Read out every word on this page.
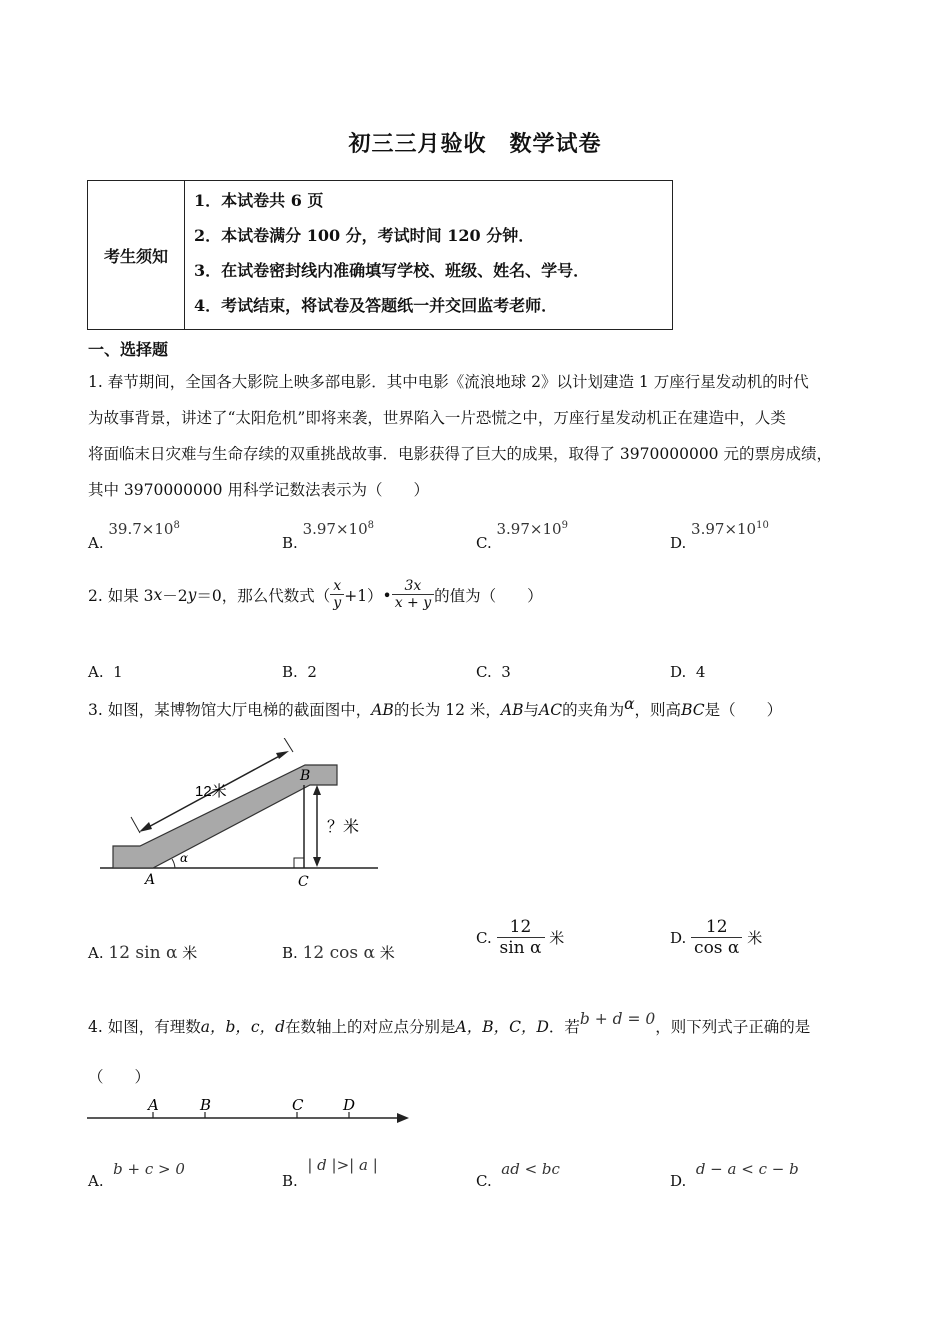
初三三月验收　数学试卷
考生须知
1．本试卷共 6 页
2．本试卷满分 100 分，考试时间 120 分钟．
3．在试卷密封线内准确填写学校、班级、姓名、学号．
4．考试结束，将试卷及答题纸一并交回监考老师．
一、选择题
1. 春节期间，全国各大影院上映多部电影．其中电影《流浪地球 2》以计划建造 1 万座行星发动机的时代
为故事背景，讲述了“太阳危机”即将来袭，世界陷入一片恐慌之中，万座行星发动机正在建造中，人类
将面临末日灾难与生命存续的双重挑战故事．电影获得了巨大的成果，取得了 3970000000 元的票房成绩，
其中 3970000000 用科学记数法表示为（　　）
A. $39.7\times 10^8$
B. $3.97\times 10^8$
C. $3.97\times 10^9$
D. $3.97\times 10^{10}$
2. 如果 3 x －2 y ＝0，那么代数式（ $\frac{x}{y}$ +1）• $\frac{3x}{x + y}$ 的值为（　　）
A. 1	B. 2	C. 3	D. 4
3. 如图，某博物馆大厅电梯的截面图中，AB的长为 12 米，AB与AC的夹角为α，则高BC是（　　）
12米
？米
A
B
C
α
A.
12 sin α
米	B.
12 cos α
米
C.
$\frac{12}{\text{sin α}}$
米	D.
$\frac{12}{\text{cos α}}$
米
4. 如图，有理数a，b，c，d在数轴上的对应点分别是A，B，C，D．若b + d = 0，则下列式子正确的是
（　　）
A	B	C	D
A.  b + c > 0
B.  | d |>| a |
C.  ad < bc
D.  d − a < c − b
